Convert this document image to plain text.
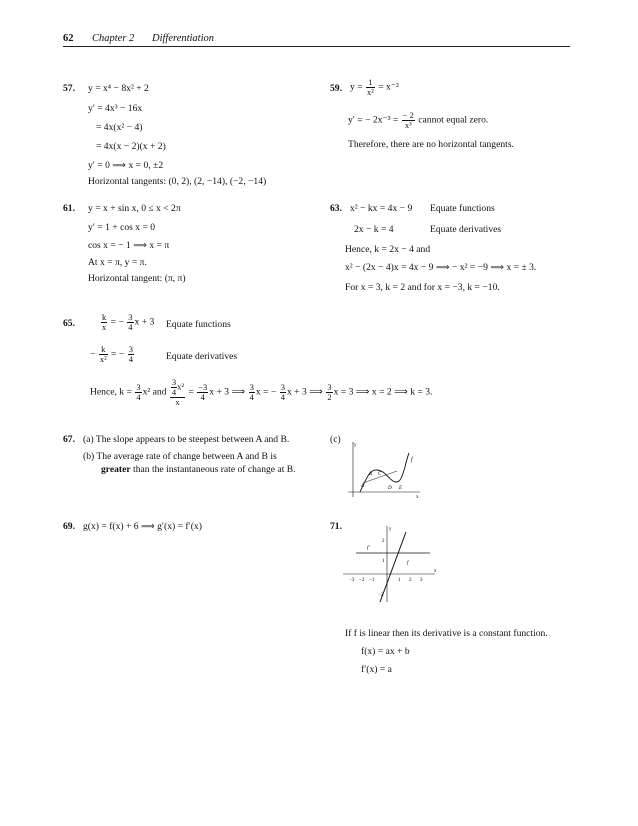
62 Chapter 2 Differentiation
57. y = x⁴ − 8x² + 2
y′ = 4x³ − 16x
= 4x(x² − 4)
= 4x(x − 2)(x + 2)
y′ = 0 ⟹ x = 0, ±2
Horizontal tangents: (0, 2), (2, −14), (−2, −14)
59. $y = \frac{1}{\text{x²}} = x^{-2}$
y′ = − $2x^{-3} = \frac{- 2}{\text{x³}}$ cannot equal zero.
Therefore, there are no horizontal tangents.
61. y = x + sin x, 0 ≤ x < 2π
y′ = 1 + cos x = 0
cos x = − 1 ⟹ x = π
At x = π, y = π.
Horizontal tangent: (π, π)
63. x² − kx = 4x − 9 Equate functions
2x − k = 4	Equate derivatives
Hence, k = 2x − 4 and
x² − (2x − 4)x = 4x − 9 ⟹ − x² = −9 ⟹ x = ± 3.
For x = 3, k = 2 and for x = −3, k = −10.
65.	$\frac{k}{x}$ = − $\frac{3}{4}$ x + 3 Equate functions
− $\frac{k}{\text{x²}}$ = − $\frac{3}{4}$	Equate derivatives
Hence, $k = \frac{3}{4} x^2$ and $\frac{\frac{3}{4} x^2}{x} = \frac{-3}{4}$ x + 3 ⟹ $\frac{3}{4}$ x = − $\frac{3}{4}$ x + 3 ⟹ $\frac{3}{2}$ x = 3 ⟹ x = 2 ⟹ k = 3.
67. (a) The slope appears to be steepest between A and B.
(b) The average rate of change between A and B is
greater than the instantaneous rate of change at B.
(c)
y
x
f
A
B C
D E
69. g(x) = f(x) + 6 ⟹ g′(x) = f′(x)	71.	y
x
f
f′
−3 −2 −1	1 2 3
2
1
−2
If f is linear then its derivative is a constant function.
f(x) = ax + b
f′(x) = a
